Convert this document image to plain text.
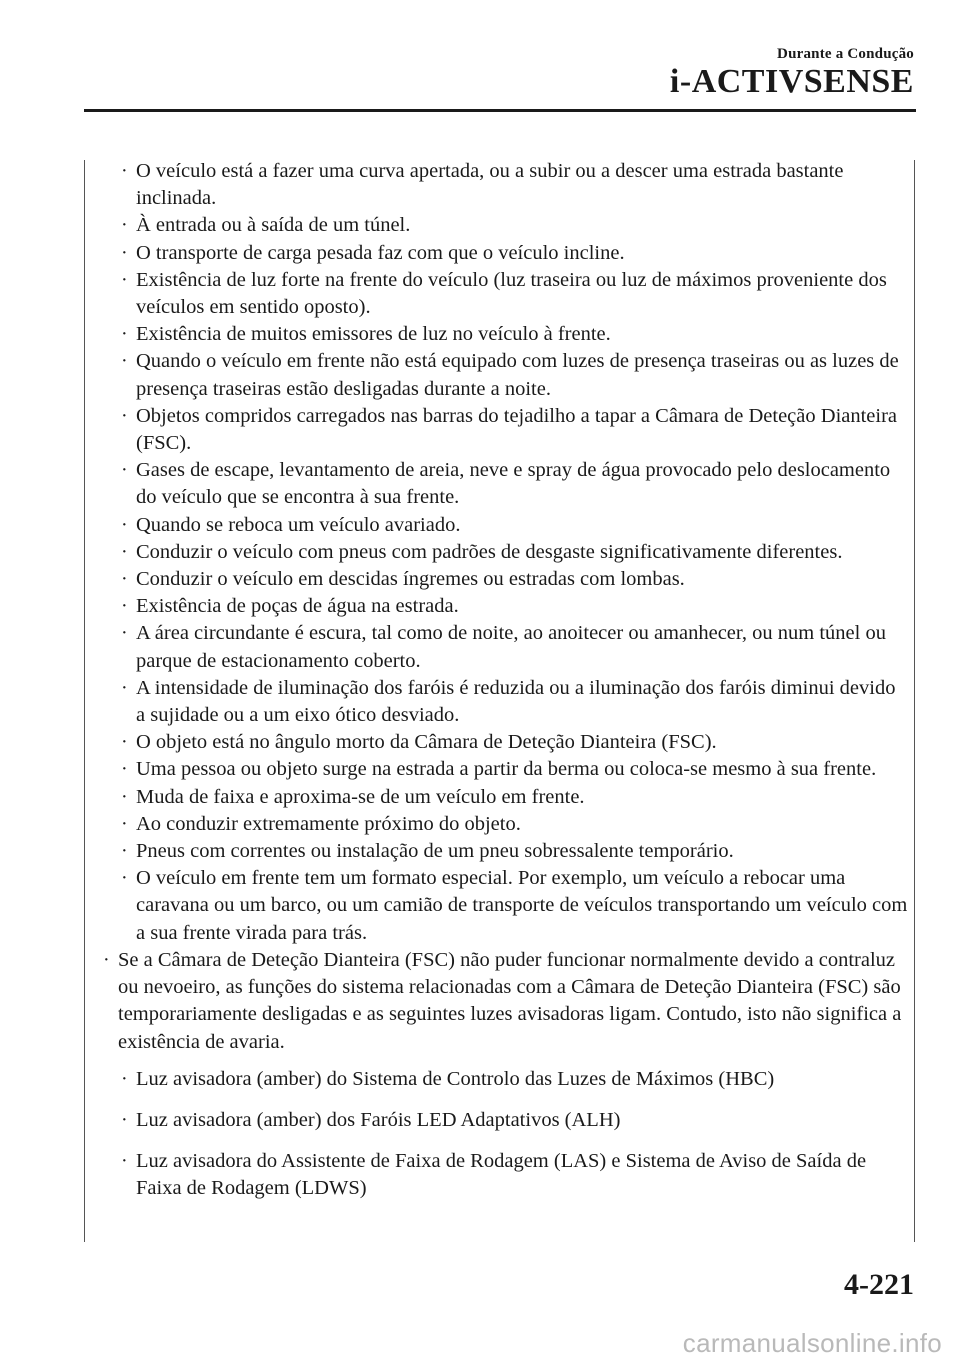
Durante a Condução
i-ACTIVSENSE
· O veículo está a fazer uma curva apertada, ou a subir ou a descer uma estrada bastante inclinada.
· À entrada ou à saída de um túnel.
· O transporte de carga pesada faz com que o veículo incline.
· Existência de luz forte na frente do veículo (luz traseira ou luz de máximos proveniente dos veículos em sentido oposto).
· Existência de muitos emissores de luz no veículo à frente.
· Quando o veículo em frente não está equipado com luzes de presença traseiras ou as luzes de presença traseiras estão desligadas durante a noite.
· Objetos compridos carregados nas barras do tejadilho a tapar a Câmara de Deteção Dianteira (FSC).
· Gases de escape, levantamento de areia, neve e spray de água provocado pelo deslocamento do veículo que se encontra à sua frente.
· Quando se reboca um veículo avariado.
· Conduzir o veículo com pneus com padrões de desgaste significativamente diferentes.
· Conduzir o veículo em descidas íngremes ou estradas com lombas.
· Existência de poças de água na estrada.
· A área circundante é escura, tal como de noite, ao anoitecer ou amanhecer, ou num túnel ou parque de estacionamento coberto.
· A intensidade de iluminação dos faróis é reduzida ou a iluminação dos faróis diminui devido a sujidade ou a um eixo ótico desviado.
· O objeto está no ângulo morto da Câmara de Deteção Dianteira (FSC).
· Uma pessoa ou objeto surge na estrada a partir da berma ou coloca-se mesmo à sua frente.
· Muda de faixa e aproxima-se de um veículo em frente.
· Ao conduzir extremamente próximo do objeto.
· Pneus com correntes ou instalação de um pneu sobressalente temporário.
· O veículo em frente tem um formato especial. Por exemplo, um veículo a rebocar uma caravana ou um barco, ou um camião de transporte de veículos transportando um veículo com a sua frente virada para trás.
· Se a Câmara de Deteção Dianteira (FSC) não puder funcionar normalmente devido a contraluz ou nevoeiro, as funções do sistema relacionadas com a Câmara de Deteção Dianteira (FSC) são temporariamente desligadas e as seguintes luzes avisadoras ligam. Contudo, isto não significa a existência de avaria.
· Luz avisadora (amber) do Sistema de Controlo das Luzes de Máximos (HBC)
· Luz avisadora (amber) dos Faróis LED Adaptativos (ALH)
· Luz avisadora do Assistente de Faixa de Rodagem (LAS) e Sistema de Aviso de Saída de Faixa de Rodagem (LDWS)
4-221
carmanualsonline.info
